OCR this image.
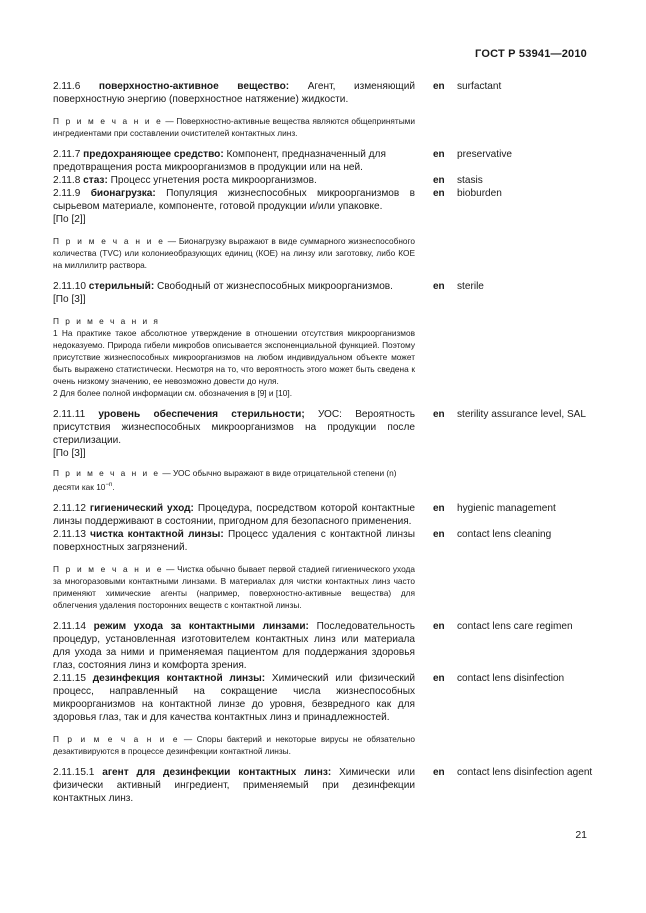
ГОСТ Р 53941—2010
2.11.6 поверхностно-активное вещество: Агент, изменяющий поверхностную энергию (поверхностное натяжение) жидкости.
en surfactant
П р и м е ч а н и е — Поверхностно-активные вещества являются общепринятыми ингредиентами при составлении очистителей контактных линз.
2.11.7 предохраняющее средство: Компонент, предназначенный для предотвращения роста микроорганизмов в продукции или на ней.
en preservative
2.11.8 стаз: Процесс угнетения роста микроорганизмов.	en stasis
2.11.9 бионагрузка: Популяция жизнеспособных микроорганизмов в сырьевом материале, компоненте, готовой продукции и/или упаковке.
[По [2]]
en bioburden
П р и м е ч а н и е — Бионагрузку выражают в виде суммарного жизнеспособного количества (TVC) или колониеобразующих единиц (КОЕ) на линзу или заготовку, либо КОЕ на миллилитр раствора.
2.11.10 стерильный: Свободный от жизнеспособных микроорганизмов.
[По [3]]
en sterile
П р и м е ч а н и я
1 На практике такое абсолютное утверждение в отношении отсутствия микроорганизмов недоказуемо. Природа гибели микробов описывается экспоненциальной функцией. Поэтому присутствие жизнеспособных микроорганизмов на любом индивидуальном объекте может быть выражено статистически. Несмотря на то, что вероятность этого может быть сведена к очень низкому значению, ее невозможно довести до нуля.
2 Для более полной информации см. обозначения в [9] и [10].
2.11.11 уровень обеспечения стерильности; УОС: Вероятность присутствия жизнеспособных микроорганизмов на продукции после стерилизации.
[По [3]]
en sterility assurance level, SAL
П р и м е ч а н и е — УОС обычно выражают в виде отрицательной степени (n) десяти как $10^{-n}$.
2.11.12 гигиенический уход: Процедура, посредством которой контактные линзы поддерживают в состоянии, пригодном для безопасного применения.
en hygienic management
2.11.13 чистка контактной линзы: Процесс удаления с контактной линзы поверхностных загрязнений.
en contact lens cleaning
П р и м е ч а н и е — Чистка обычно бывает первой стадией гигиенического ухода за многоразовыми контактными линзами. В материалах для чистки контактных линз часто применяют химические агенты (например, поверхностно-активные вещества) для облегчения удаления посторонних веществ с контактной линзы.
2.11.14 режим ухода за контактными линзами: Последовательность процедур, установленная изготовителем контактных линз или материала для ухода за ними и применяемая пациентом для поддержания здоровья глаз, состояния линз и комфорта зрения.
en contact lens care regimen
2.11.15 дезинфекция контактной линзы: Химический или физический процесс, направленный на сокращение числа жизнеспособных микроорганизмов на контактной линзе до уровня, безвредного как для здоровья глаз, так и для качества контактных линз и принадлежностей.
en contact lens disinfection
П р и м е ч а н и е — Споры бактерий и некоторые вирусы не обязательно дезактивируются в процессе дезинфекции контактной линзы.
2.11.15.1 агент для дезинфекции контактных линз: Химически или физически активный ингредиент, применяемый при дезинфекции контактных линз.
en contact lens disinfection agent
21
